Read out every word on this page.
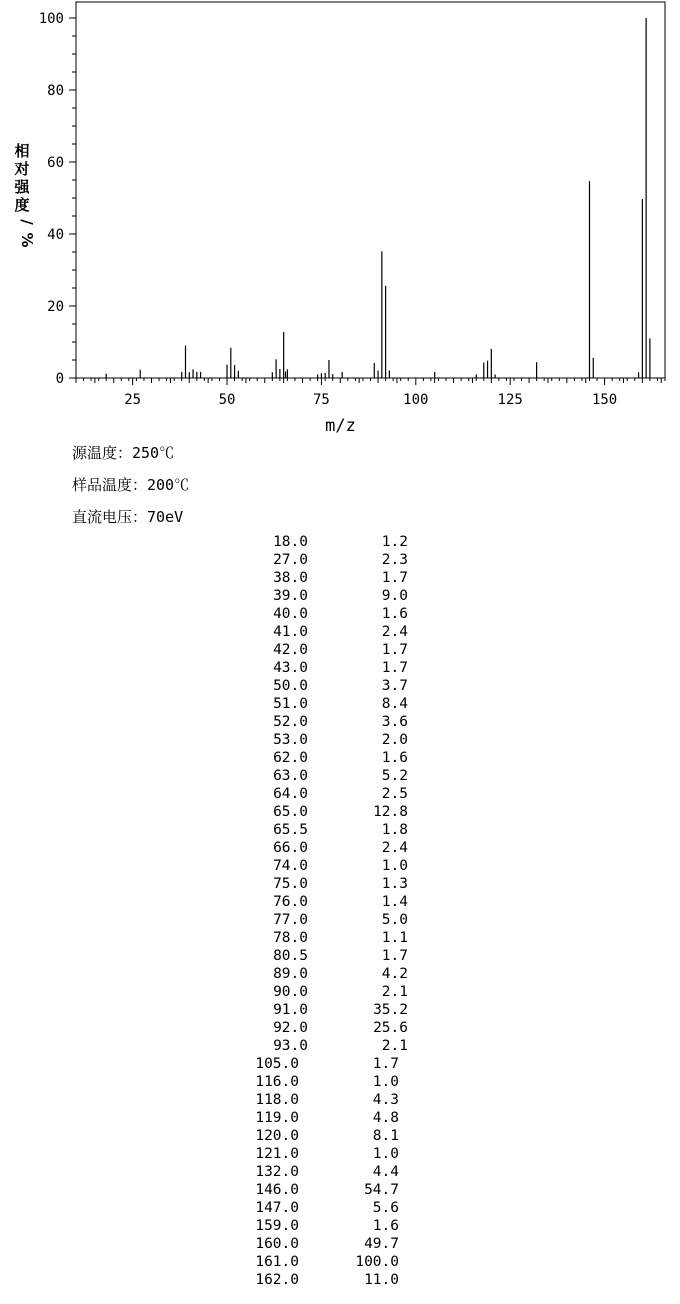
25	50	75	100	125	150
0
20
40
60
80
100
m/z
相
对
强
度
/
%
源温度：250℃
样品温度：200℃
直流电压：70eV
18.0	1.2
27.0	2.3
38.0	1.7
39.0	9.0
40.0	1.6
41.0	2.4
42.0	1.7
43.0	1.7
50.0	3.7
51.0	8.4
52.0	3.6
53.0	2.0
62.0	1.6
63.0	5.2
64.0	2.5
65.0	12.8
65.5	1.8
66.0	2.4
74.0	1.0
75.0	1.3
76.0	1.4
77.0	5.0
78.0	1.1
80.5	1.7
89.0	4.2
90.0	2.1
91.0	35.2
92.0	25.6
93.0	2.1
105.0	1.7
116.0	1.0
118.0	4.3
119.0	4.8
120.0	8.1
121.0	1.0
132.0	4.4
146.0	54.7
147.0	5.6
159.0	1.6
160.0	49.7
161.0	100.0
162.0	11.0
